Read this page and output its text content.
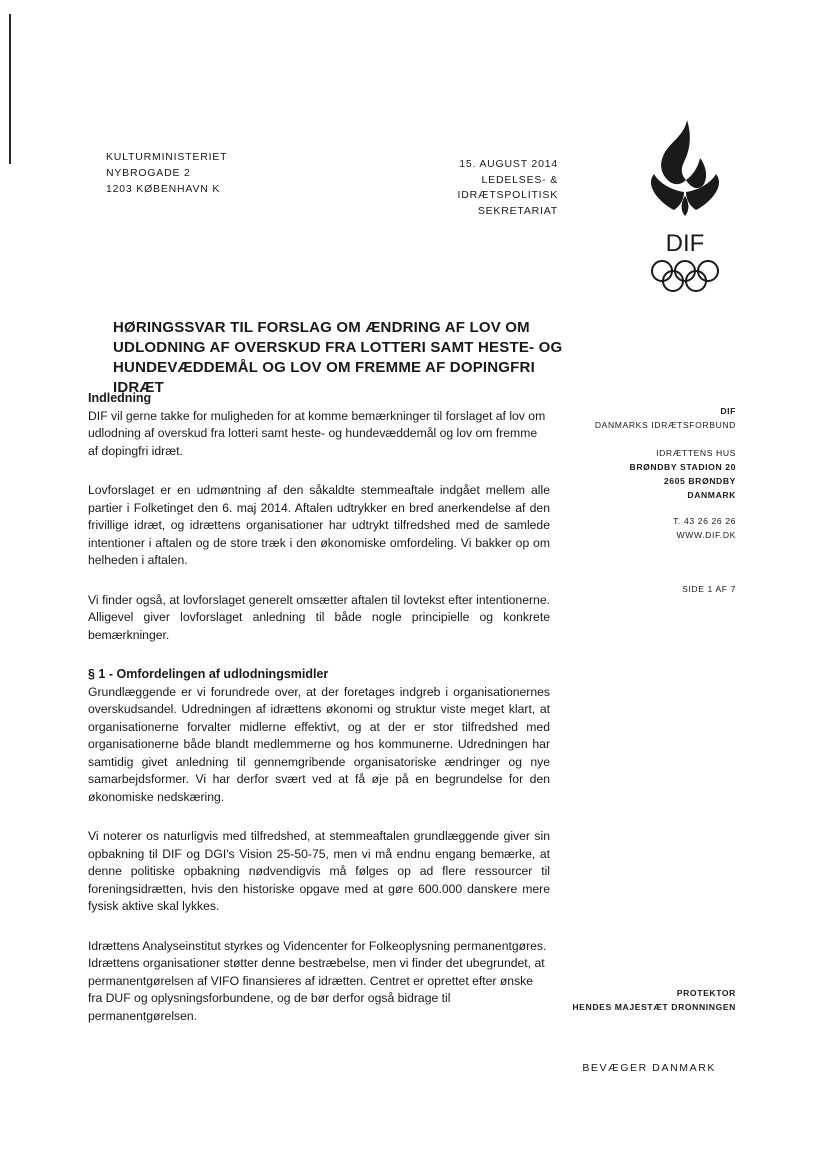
KULTURMINISTERIET
NYBROGADE 2
1203 KØBENHAVN K
15. AUGUST 2014
LEDELSES- & IDRÆTSPOLITISK
SEKRETARIAT
DIF
HØRINGSSVAR TIL FORSLAG OM ÆNDRING AF LOV OM
UDLODNING AF OVERSKUD FRA LOTTERI SAMT HESTE- OG
HUNDEVÆDDEMÅL OG LOV OM FREMME AF DOPINGFRI IDRÆT
Indledning

DIF vil gerne takke for muligheden for at komme bemærkninger til forslaget af lov om udlodning af overskud fra lotteri samt heste- og hundevæddemål og lov om fremme af dopingfri idræt.

Lovforslaget er en udmøntning af den såkaldte stemmeaftale indgået mellem alle partier i Folketinget den 6. maj 2014. Aftalen udtrykker en bred anerkendelse af den frivillige idræt, og idrættens organisationer har udtrykt tilfredshed med de samlede intentioner i aftalen og de store træk i den økonomiske omfordeling. Vi bakker op om helheden i aftalen.

Vi finder også, at lovforslaget generelt omsætter aftalen til lovtekst efter intentionerne. Alligevel giver lovforslaget anledning til både nogle principielle og konkrete bemærkninger.

§ 1 - Omfordelingen af udlodningsmidler

Grundlæggende er vi forundrede over, at der foretages indgreb i organisationernes overskudsandel. Udredningen af idrættens økonomi og struktur viste meget klart, at organisationerne forvalter midlerne effektivt, og at der er stor tilfredshed med organisationerne både blandt medlemmerne og hos kommunerne. Udredningen har samtidig givet anledning til gennemgribende organisatoriske ændringer og nye samarbejdsformer. Vi har derfor svært ved at få øje på en begrundelse for den økonomiske nedskæring.

Vi noterer os naturligvis med tilfredshed, at stemmeaftalen grundlæggende giver sin opbakning til DIF og DGI's Vision 25-50-75, men vi må endnu engang bemærke, at denne politiske opbakning nødvendigvis må følges op ad flere ressourcer til foreningsidrætten, hvis den historiske opgave med at gøre 600.000 danskere mere fysisk aktive skal lykkes.

Idrættens Analyseinstitut styrkes og Videncenter for Folkeoplysning permanentgøres. Idrættens organisationer støtter denne bestræbelse, men vi finder det ubegrundet, at permanentgørelsen af VIFO finansieres af idrætten. Centret er oprettet efter ønske fra DUF og oplysningsforbundene, og de bør derfor også bidrage til permanentgørelsen.

DIF
DANMARKS IDRÆTSFORBUND
IDRÆTTENS HUS
BRØNDBY STADION 20
2605 BRØNDBY
DANMARK
T. 43 26 26 26
WWW.DIF.DK
SIDE 1 AF 7
PROTEKTOR
HENDES MAJESTÆT DRONNINGEN
BEVÆGER DANMARK
